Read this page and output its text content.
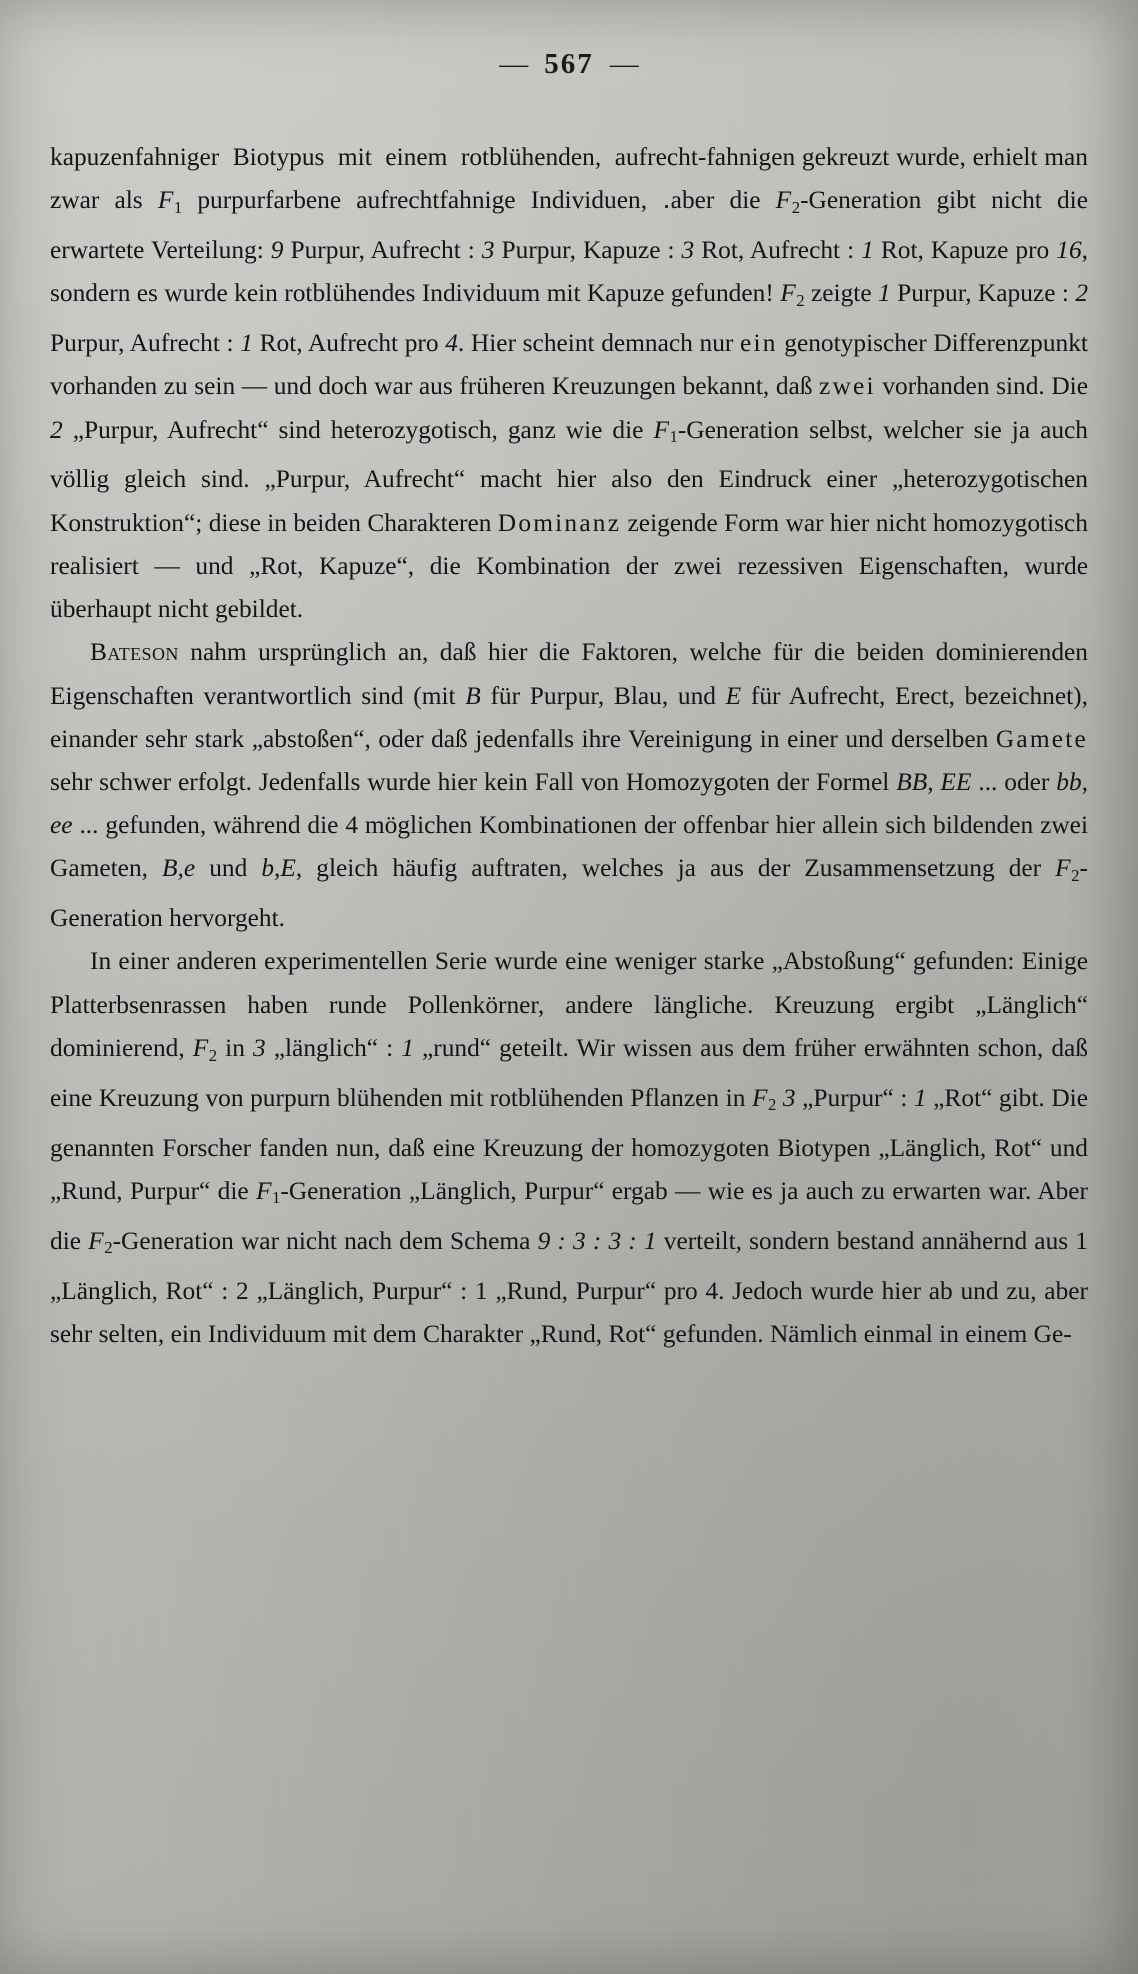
— 567 —

kapuzenfahniger  Biotypus  mit  einem  rotblühenden,  aufrecht-fahnigen gekreuzt wurde, erhielt man zwar als $F_1$ purpurfarbene aufrechtfahnige Individuen, ․aber die $F_2$-Generation gibt nicht die erwartete Verteilung: 9 Purpur, Aufrecht : 3 Purpur, Kapuze : 3 Rot, Aufrecht : 1 Rot, Kapuze pro 16, sondern es wurde kein rotblühendes Individuum mit Kapuze gefunden! $F_2$ zeigte 1 Purpur, Kapuze : 2 Purpur, Aufrecht : 1 Rot, Aufrecht pro 4. Hier scheint demnach nur ein genotypischer Differenzpunkt vorhanden zu sein — und doch war aus früheren Kreuzungen bekannt, daß zwei vorhanden sind. Die 2 „Purpur, Aufrecht“ sind heterozygotisch, ganz wie die $F_1$-Generation selbst, welcher sie ja auch völlig gleich sind. „Purpur, Aufrecht“ macht hier also den Eindruck einer „heterozygotischen Konstruktion“; diese in beiden Charakteren Dominanz zeigende Form war hier nicht homozygotisch realisiert — und „Rot, Kapuze“, die Kombination der zwei rezessiven Eigenschaften, wurde überhaupt nicht gebildet.

Bateson nahm ursprünglich an, daß hier die Faktoren, welche für die beiden dominierenden Eigenschaften verantwortlich sind (mit B für Purpur, Blau, und E für Aufrecht, Erect, bezeichnet), einander sehr stark „abstoßen“, oder daß jedenfalls ihre Vereinigung in einer und derselben Gamete sehr schwer erfolgt. Jedenfalls wurde hier kein Fall von Homozygoten der Formel BB, EE ... oder bb, ee ... gefunden, während die 4 möglichen Kombinationen der offenbar hier allein sich bildenden zwei Gameten, B,e und b,E, gleich häufig auftraten, welches ja aus der Zusammensetzung der $F_2$-Generation hervorgeht.

In einer anderen experimentellen Serie wurde eine weniger starke „Abstoßung“ gefunden: Einige Platterbsenrassen haben runde Pollenkörner, andere längliche. Kreuzung ergibt „Länglich“ dominierend, $F_2$ in 3 „länglich“ : 1 „rund“ geteilt. Wir wissen aus dem früher erwähnten schon, daß eine Kreuzung von purpurn blühenden mit rotblühenden Pflanzen in $F_2$ 3 „Purpur“ : 1 „Rot“ gibt. Die genannten Forscher fanden nun, daß eine Kreuzung der homozygoten Biotypen „Länglich, Rot“ und „Rund, Purpur“ die $F_1$-Generation „Länglich, Purpur“ ergab — wie es ja auch zu erwarten war. Aber die $F_2$-Generation war nicht nach dem Schema 9 : 3 : 3 : 1 verteilt, sondern bestand annähernd aus 1 „Länglich, Rot“ : 2 „Länglich, Purpur“ : 1 „Rund, Purpur“ pro 4. Jedoch wurde hier ab und zu, aber sehr selten, ein Individuum mit dem Charakter „Rund, Rot“ gefunden. Nämlich einmal in einem Ge-
